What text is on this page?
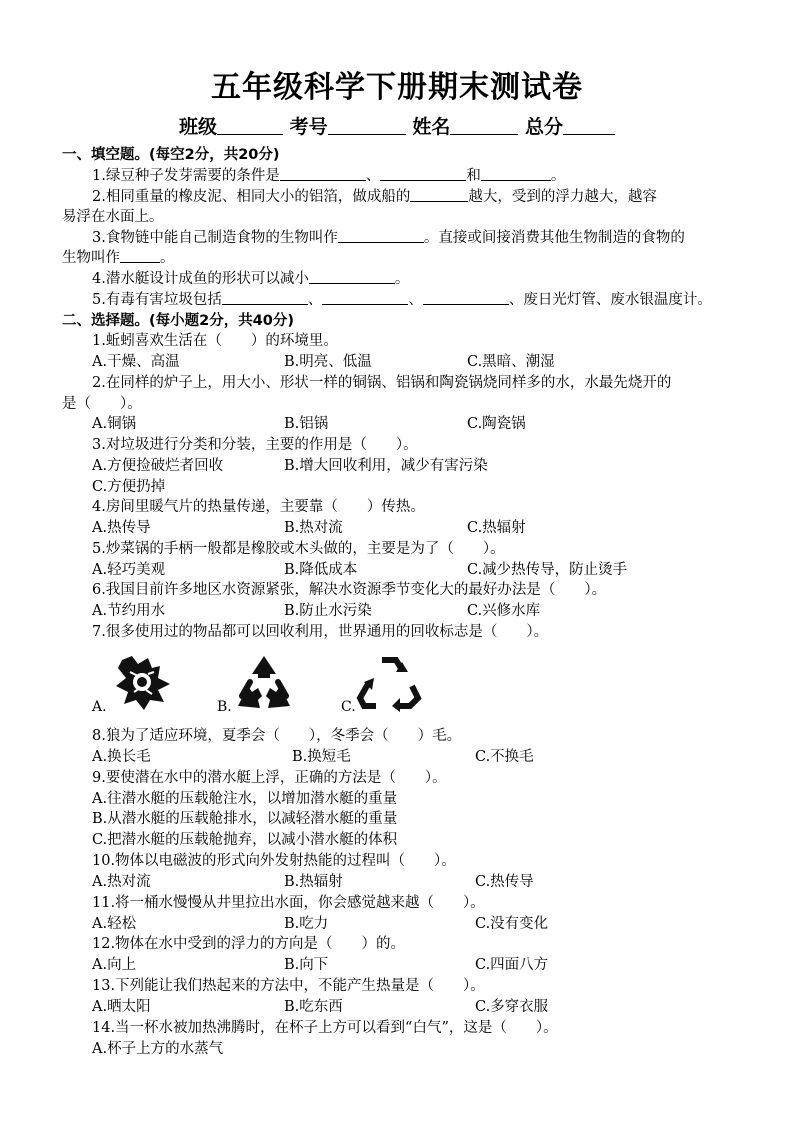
五年级科学下册期末测试卷
班级	考号	姓名	总分
一、填空题。(每空2分，共20分)
1.绿豆种子发芽需要的条件是	、	和	。
2.相同重量的橡皮泥、相同大小的铝箔，做成船的	越大，受到的浮力越大，越容
易浮在水面上。
3.食物链中能自己制造食物的生物叫作	。直接或间接消费其他生物制造的食物的
生物叫作	。
4.潜水艇设计成鱼的形状可以减小	。
5.有毒有害垃圾包括	、	、	、废日光灯管、废水银温度计。
二、选择题。(每小题2分，共40分)
1.蚯蚓喜欢生活在（　　）的环境里。
A.干燥、高温	B.明亮、低温	C.黑暗、潮湿
2.在同样的炉子上，用大小、形状一样的铜锅、铝锅和陶瓷锅烧同样多的水，水最先烧开的
是（　　）。
A.铜锅	B.铝锅	C.陶瓷锅
3.对垃圾进行分类和分装，主要的作用是（　　）。
A.方便捡破烂者回收	B.增大回收利用，减少有害污染
C.方便扔掉
4.房间里暖气片的热量传递，主要靠（　　）传热。
A.热传导	B.热对流	C.热辐射
5.炒菜锅的手柄一般都是橡胶或木头做的，主要是为了（　　）。
A.轻巧美观	B.降低成本	C.减少热传导，防止烫手
6.我国目前许多地区水资源紧张，解决水资源季节变化大的最好办法是（　　）。
A.节约用水	B.防止水污染	C.兴修水库
7.很多使用过的物品都可以回收利用，世界通用的回收标志是（　　）。
A.	B.	C.
8.狼为了适应环境，夏季会（　　），冬季会（　　）毛。
A.换长毛	B.换短毛	C.不换毛
9.要使潜在水中的潜水艇上浮，正确的方法是（　　）。
A.往潜水艇的压载舱注水，以增加潜水艇的重量
B.从潜水艇的压载舱排水，以减轻潜水艇的重量
C.把潜水艇的压载舱抛弃，以减小潜水艇的体积
10.物体以电磁波的形式向外发射热能的过程叫（　　）。
A.热对流	B.热辐射	C.热传导
11.将一桶水慢慢从井里拉出水面，你会感觉越来越（　　）。
A.轻松	B.吃力	C.没有变化
12.物体在水中受到的浮力的方向是（　　）的。
A.向上	B.向下	C.四面八方
13.下列能让我们热起来的方法中，不能产生热量是（　　）。
A.晒太阳	B.吃东西	C.多穿衣服
14.当一杯水被加热沸腾时，在杯子上方可以看到“白气”，这是（　　）。
A.杯子上方的水蒸气
